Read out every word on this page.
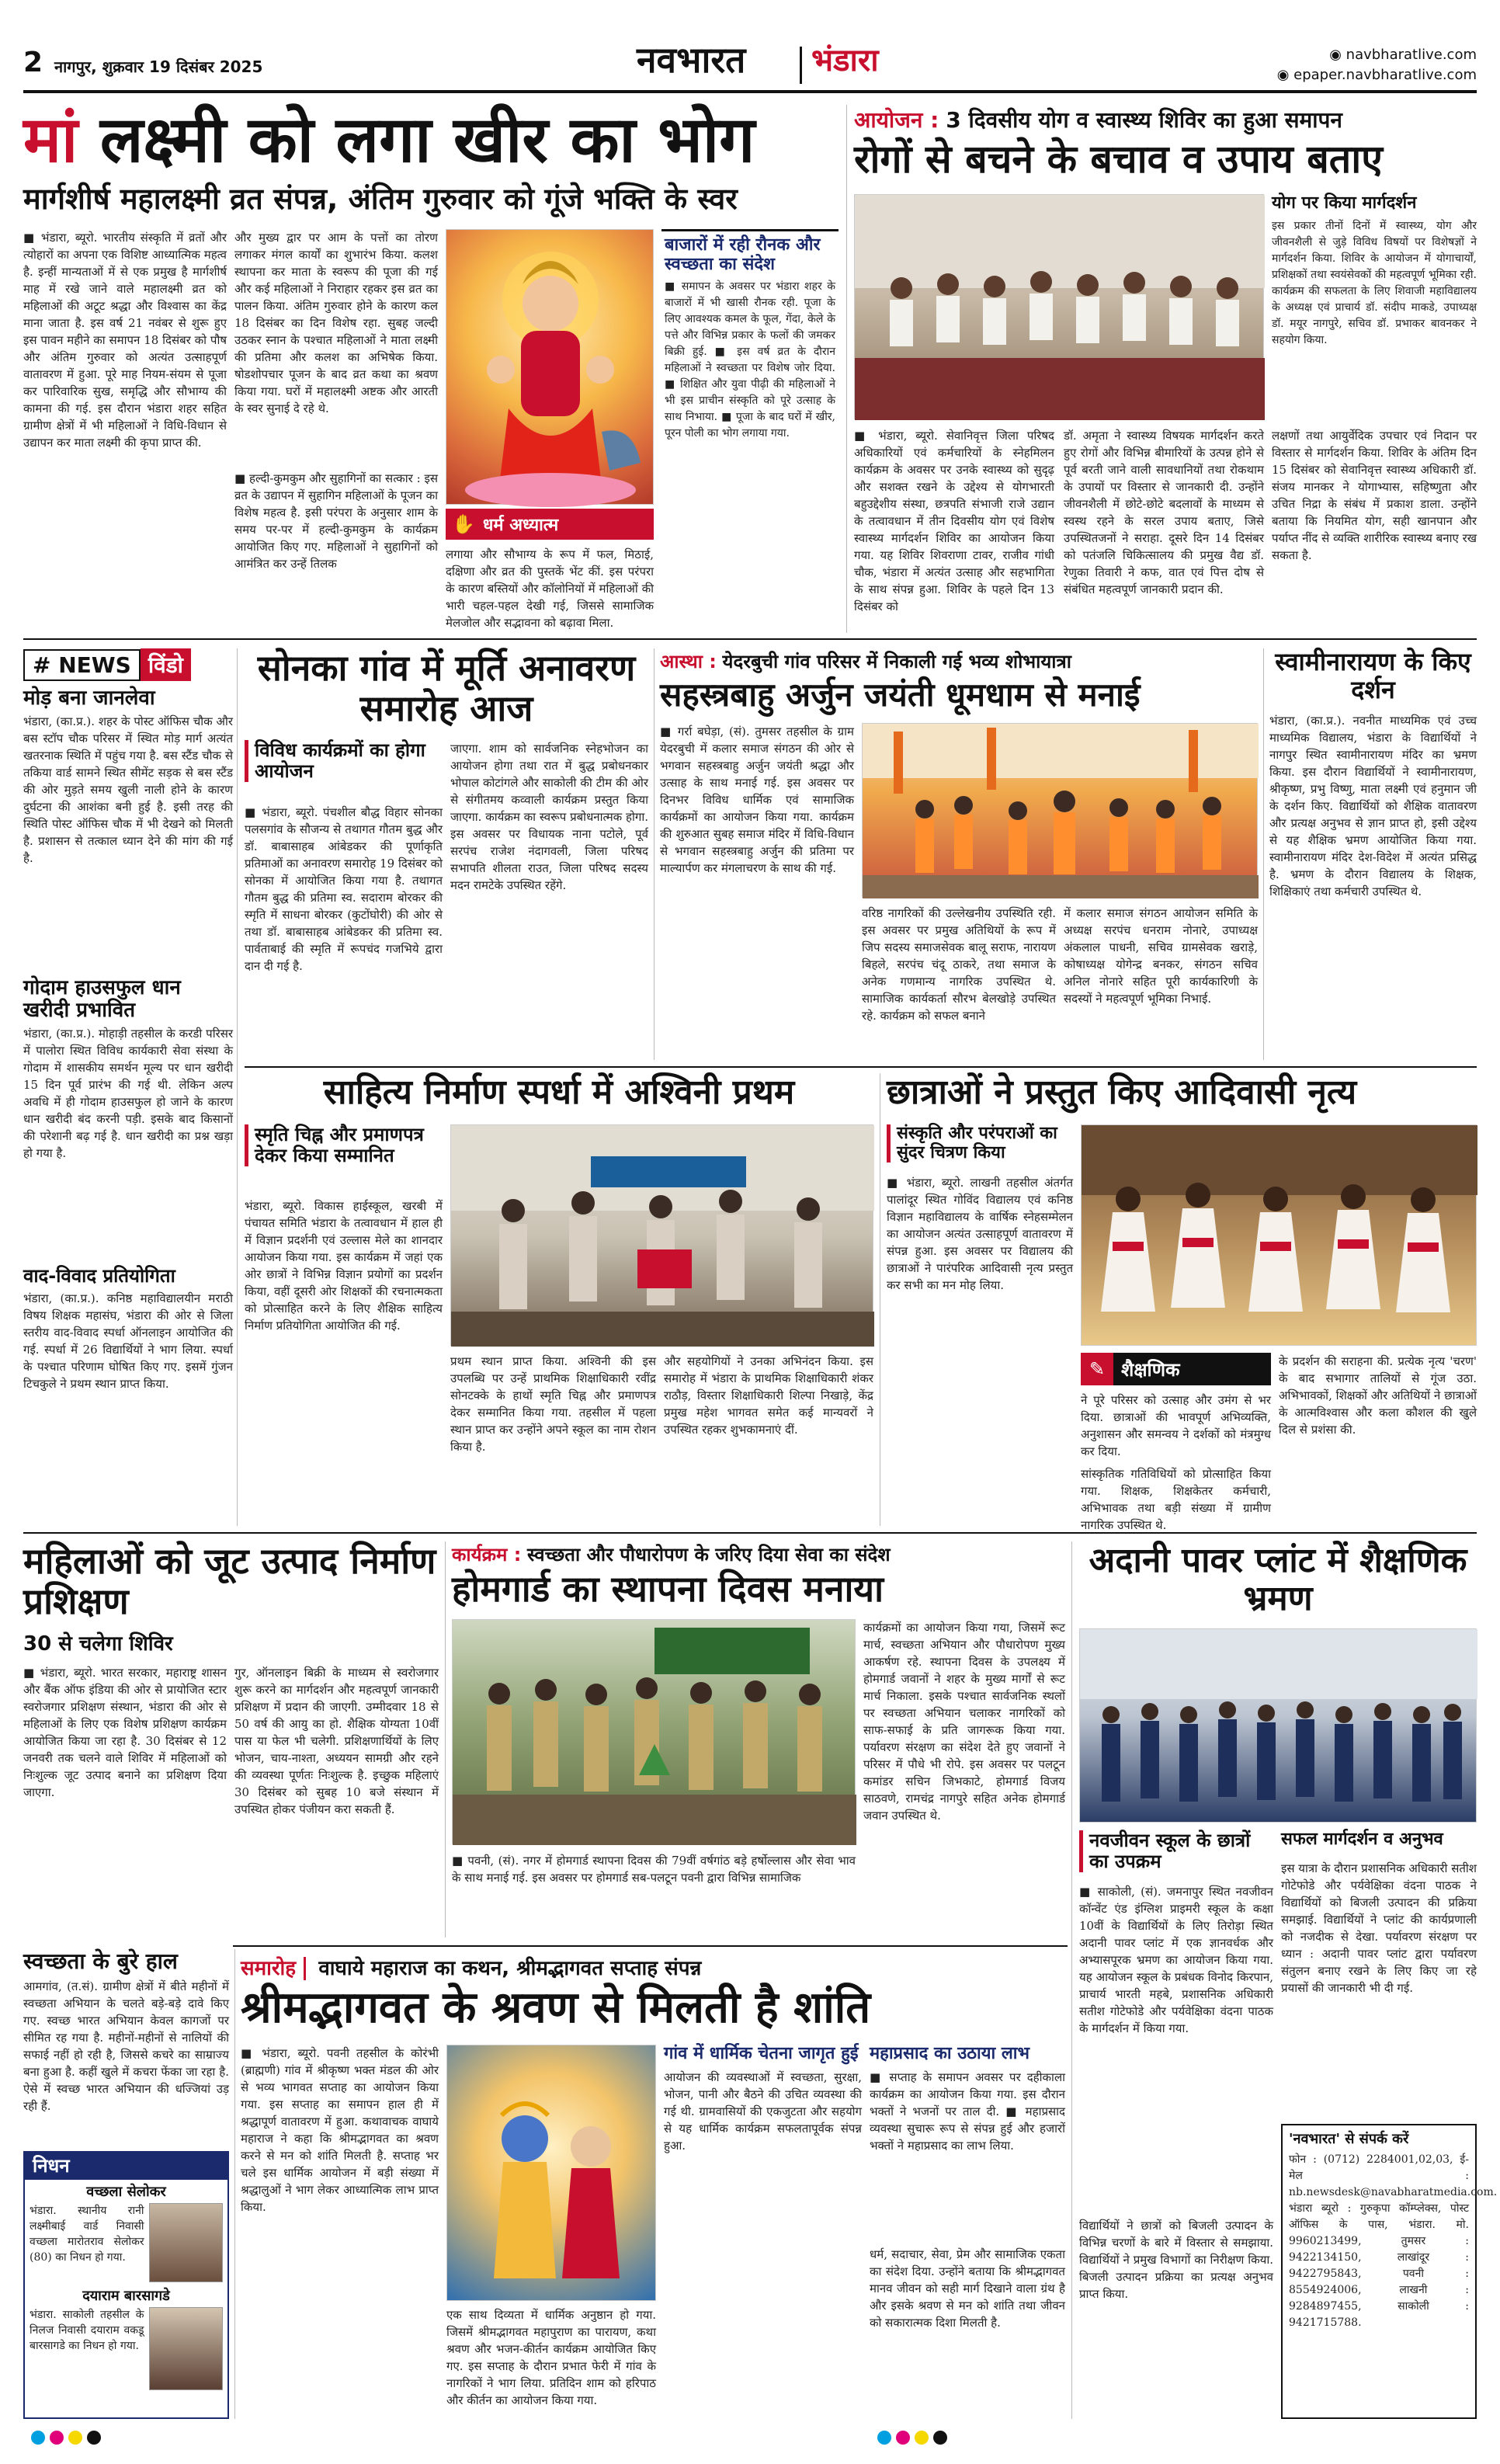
2 नागपुर, शुक्रवार 19 दिसंबर 2025	नवभारत भंडारा	◉ navbharatlive.com
◉ epaper.navbharatlive.com
मां लक्ष्मी को लगा खीर का भोग
मार्गशीर्ष महालक्ष्मी व्रत संपन्न, अंतिम गुरुवार को गूंजे भक्ति के स्वर
■ भंडारा, ब्यूरो. भारतीय संस्कृति में व्रतों और त्योहारों का अपना एक विशिष्ट आध्यात्मिक महत्व है. इन्हीं मान्यताओं में से एक प्रमुख है मार्गशीर्ष माह में रखे जाने वाले महालक्ष्मी व्रत को महिलाओं की अटूट श्रद्धा और विश्वास का केंद्र माना जाता है. इस वर्ष 21 नवंबर से शुरू हुए इस पावन महीने का समापन 18 दिसंबर को पौष और अंतिम गुरुवार को अत्यंत उत्साहपूर्ण वातावरण में हुआ. पूरे माह नियम-संयम से पूजा कर पारिवारिक सुख, समृद्धि और सौभाग्य की कामना की गई. इस दौरान भंडारा शहर सहित ग्रामीण क्षेत्रों में भी महिलाओं ने विधि-विधान से उद्यापन कर माता लक्ष्मी की कृपा प्राप्त की.
और मुख्य द्वार पर आम के पत्तों का तोरण लगाकर मंगल कार्यों का शुभारंभ किया. कलश स्थापना कर माता के स्वरूप की पूजा की गई और कई महिलाओं ने निराहार रहकर इस व्रत का पालन किया. अंतिम गुरुवार होने के कारण कल 18 दिसंबर का दिन विशेष रहा. सुबह जल्दी उठकर स्नान के पश्चात महिलाओं ने माता लक्ष्मी की प्रतिमा और कलश का अभिषेक किया. षोडशोपचार पूजन के बाद व्रत कथा का श्रवण किया गया. घरों में महालक्ष्मी अष्टक और आरती के स्वर सुनाई दे रहे थे.
■ हल्दी-कुमकुम और सुहागिनों का सत्कार : इस व्रत के उद्यापन में सुहागिन महिलाओं के पूजन का विशेष महत्व है. इसी परंपरा के अनुसार शाम के समय पर-पर में हल्दी-कुमकुम के कार्यक्रम आयोजित किए गए. महिलाओं ने सुहागिनों को आमंत्रित कर उन्हें तिलक
✋ धर्म अध्यात्म
लगाया और सौभाग्य के रूप में फल, मिठाई, दक्षिणा और व्रत की पुस्तकें भेंट कीं. इस परंपरा के कारण बस्तियों और कॉलोनियों में महिलाओं की भारी चहल-पहल देखी गई, जिससे सामाजिक मेलजोल और सद्भावना को बढ़ावा मिला.
बाजारों में रही रौनक और स्वच्छता का संदेश
■ समापन के अवसर पर भंडारा शहर के बाजारों में भी खासी रौनक रही. पूजा के लिए आवश्यक कमल के फूल, गेंदा, केले के पत्ते और विभिन्न प्रकार के फलों की जमकर बिक्री हुई. ■ इस वर्ष व्रत के दौरान महिलाओं ने स्वच्छता पर विशेष जोर दिया. ■ शिक्षित और युवा पीढ़ी की महिलाओं ने भी इस प्राचीन संस्कृति को पूरे उत्साह के साथ निभाया. ■ पूजा के बाद घरों में खीर, पूरन पोली का भोग लगाया गया.
आयोजन : 3 दिवसीय योग व स्वास्थ्य शिविर का हुआ समापन
रोगों से बचने के बचाव व उपाय बताए
योग पर किया मार्गदर्शन
इस प्रकार तीनों दिनों में स्वास्थ्य, योग और जीवनशैली से जुड़े विविध विषयों पर विशेषज्ञों ने मार्गदर्शन किया. शिविर के आयोजन में योगाचार्यों, प्रशिक्षकों तथा स्वयंसेवकों की महत्वपूर्ण भूमिका रही. कार्यक्रम की सफलता के लिए शिवाजी महाविद्यालय के अध्यक्ष एवं प्राचार्य डॉ. संदीप माकडे, उपाध्यक्ष डॉ. मयूर नागपुरे, सचिव डॉ. प्रभाकर बावनकर ने सहयोग किया.
■ भंडारा, ब्यूरो. सेवानिवृत्त जिला परिषद अधिकारियों एवं कर्मचारियों के स्नेहमिलन कार्यक्रम के अवसर पर उनके स्वास्थ्य को सुदृढ़ और सशक्त रखने के उद्देश्य से योगभारती बहुउद्देशीय संस्था, छत्रपति संभाजी राजे उद्यान के तत्वावधान में तीन दिवसीय योग एवं विशेष स्वास्थ्य मार्गदर्शन शिविर का आयोजन किया गया. यह शिविर शिवराणा टावर, राजीव गांधी चौक, भंडारा में अत्यंत उत्साह और सहभागिता के साथ संपन्न हुआ. शिविर के पहले दिन 13 दिसंबर को
डॉ. अमृता ने स्वास्थ्य विषयक मार्गदर्शन करते हुए रोगों और विभिन्न बीमारियों के उत्पन्न होने से पूर्व बरती जाने वाली सावधानियों तथा रोकथाम के उपायों पर विस्तार से जानकारी दी. उन्होंने जीवनशैली में छोटे-छोटे बदलावों के माध्यम से स्वस्थ रहने के सरल उपाय बताए, जिसे उपस्थितजनों ने सराहा. दूसरे दिन 14 दिसंबर को पतंजलि चिकित्सालय की प्रमुख वैद्य डॉ. रेणुका तिवारी ने कफ, वात एवं पित्त दोष से संबंधित महत्वपूर्ण जानकारी प्रदान की.
लक्षणों तथा आयुर्वेदिक उपचार एवं निदान पर विस्तार से मार्गदर्शन किया. शिविर के अंतिम दिन 15 दिसंबर को सेवानिवृत्त स्वास्थ्य अधिकारी डॉ. संजय मानकर ने योगाभ्यास, सहिष्णुता और उचित निद्रा के संबंध में प्रकाश डाला. उन्होंने बताया कि नियमित योग, सही खानपान और पर्याप्त नींद से व्यक्ति शारीरिक स्वास्थ्य बनाए रख सकता है.
# NEWS विंडो
मोड़ बना जानलेवा
भंडारा, (का.प्र.). शहर के पोस्ट ऑफिस चौक और बस स्टॉप चौक परिसर में स्थित मोड़ मार्ग अत्यंत खतरनाक स्थिति में पहुंच गया है. बस स्टैंड चौक से तकिया वार्ड सामने स्थित सीमेंट सड़क से बस स्टैंड की ओर मुड़ते समय खुली नाली होने के कारण दुर्घटना की आशंका बनी हुई है. इसी तरह की स्थिति पोस्ट ऑफिस चौक में भी देखने को मिलती है. प्रशासन से तत्काल ध्यान देने की मांग की गई है.
गोदाम हाउसफुल धान खरीदी प्रभावित
भंडारा, (का.प्र.). मोहाड़ी तहसील के करडी परिसर में पालोरा स्थित विविध कार्यकारी सेवा संस्था के गोदाम में शासकीय समर्थन मूल्य पर धान खरीदी 15 दिन पूर्व प्रारंभ की गई थी. लेकिन अल्प अवधि में ही गोदाम हाउसफुल हो जाने के कारण धान खरीदी बंद करनी पड़ी. इसके बाद किसानों की परेशानी बढ़ गई है. धान खरीदी का प्रश्न खड़ा हो गया है.
वाद-विवाद प्रतियोगिता
भंडारा, (का.प्र.). कनिष्ठ महाविद्यालयीन मराठी विषय शिक्षक महासंघ, भंडारा की ओर से जिला स्तरीय वाद-विवाद स्पर्धा ऑनलाइन आयोजित की गई. स्पर्धा में 26 विद्यार्थियों ने भाग लिया. स्पर्धा के पश्चात परिणाम घोषित किए गए. इसमें गुंजन टिचकुले ने प्रथम स्थान प्राप्त किया.
सोनका गांव में मूर्ति अनावरण समारोह आज
विविध कार्यक्रमों का होगा आयोजन
■ भंडारा, ब्यूरो. पंचशील बौद्ध विहार सोनका पलसगांव के सौजन्य से तथागत गौतम बुद्ध और डॉ. बाबासाहब आंबेडकर की पूर्णाकृति प्रतिमाओं का अनावरण समारोह 19 दिसंबर को सोनका में आयोजित किया गया है. तथागत गौतम बुद्ध की प्रतिमा स्व. सदाराम बोरकर की स्मृति में साधना बोरकर (कुटोंघोरी) की ओर से तथा डॉ. बाबासाहब आंबेडकर की प्रतिमा स्व. पार्वताबाई की स्मृति में रूपचंद गजभिये द्वारा दान दी गई है.
जाएगा. शाम को सार्वजनिक स्नेहभोजन का आयोजन होगा तथा रात में बुद्ध प्रबोधनकार भोपाल कोटांगले और साकोली की टीम की ओर से संगीतमय कव्वाली कार्यक्रम प्रस्तुत किया जाएगा. कार्यक्रम का स्वरूप प्रबोधनात्मक होगा. इस अवसर पर विधायक नाना पटोले, पूर्व सरपंच राजेश नंदागवली, जिला परिषद सभापति शीलता राउत, जिला परिषद सदस्य मदन रामटेके उपस्थित रहेंगे.
आस्था : येदरबुची गांव परिसर में निकाली गई भव्य शोभायात्रा
सहस्त्रबाहु अर्जुन जयंती धूमधाम से मनाई
■ गर्रा बघेड़ा, (सं). तुमसर तहसील के ग्राम येदरबुची में कलार समाज संगठन की ओर से भगवान सहस्त्रबाहु अर्जुन जयंती श्रद्धा और उत्साह के साथ मनाई गई. इस अवसर पर दिनभर विविध धार्मिक एवं सामाजिक कार्यक्रमों का आयोजन किया गया. कार्यक्रम की शुरुआत सुबह समाज मंदिर में विधि-विधान से भगवान सहस्त्रबाहु अर्जुन की प्रतिमा पर माल्यार्पण कर मंगलाचरण के साथ की गई.
वरिष्ठ नागरिकों की उल्लेखनीय उपस्थिति रही. इस अवसर पर प्रमुख अतिथियों के रूप में जिप सदस्य समाजसेवक बालू सराफ, नारायण बिहले, सरपंच चंदू ठाकरे, तथा समाज के अनेक गणमान्य नागरिक उपस्थित थे. सामाजिक कार्यकर्ता सौरभ बेलखोड़े उपस्थित रहे. कार्यक्रम को सफल बनाने
में कलार समाज संगठन आयोजन समिति के अध्यक्ष सरपंच धनराम नोनारे, उपाध्यक्ष अंकलाल पाधनी, सचिव ग्रामसेवक खराड़े, कोषाध्यक्ष योगेन्द्र बनकर, संगठन सचिव अनिल नोनारे सहित पूरी कार्यकारिणी के सदस्यों ने महत्वपूर्ण भूमिका निभाई.
स्वामीनारायण के किए दर्शन
भंडारा, (का.प्र.). नवनीत माध्यमिक एवं उच्च माध्यमिक विद्यालय, भंडारा के विद्यार्थियों ने नागपुर स्थित स्वामीनारायण मंदिर का भ्रमण किया. इस दौरान विद्यार्थियों ने स्वामीनारायण, श्रीकृष्ण, प्रभु विष्णु, माता लक्ष्मी एवं हनुमान जी के दर्शन किए. विद्यार्थियों को शैक्षिक वातावरण और प्रत्यक्ष अनुभव से ज्ञान प्राप्त हो, इसी उद्देश्य से यह शैक्षिक भ्रमण आयोजित किया गया. स्वामीनारायण मंदिर देश-विदेश में अत्यंत प्रसिद्ध है. भ्रमण के दौरान विद्यालय के शिक्षक, शिक्षिकाएं तथा कर्मचारी उपस्थित थे.
साहित्य निर्माण स्पर्धा में अश्विनी प्रथम
स्मृति चिह्न और प्रमाणपत्र देकर किया सम्मानित
भंडारा, ब्यूरो. विकास हाईस्कूल, खरबी में पंचायत समिति भंडारा के तत्वावधान में हाल ही में विज्ञान प्रदर्शनी एवं उल्लास मेले का शानदार आयोजन किया गया. इस कार्यक्रम में जहां एक ओर छात्रों ने विभिन्न विज्ञान प्रयोगों का प्रदर्शन किया, वहीं दूसरी ओर शिक्षकों की रचनात्मकता को प्रोत्साहित करने के लिए शैक्षिक साहित्य निर्माण प्रतियोगिता आयोजित की गई.
प्रथम स्थान प्राप्त किया. अश्विनी की इस उपलब्धि पर उन्हें प्राथमिक शिक्षाधिकारी रवींद्र सोनटक्के के हाथों स्मृति चिह्न और प्रमाणपत्र देकर सम्मानित किया गया. तहसील में पहला स्थान प्राप्त कर उन्होंने अपने स्कूल का नाम रोशन किया है.
और सहयोगियों ने उनका अभिनंदन किया. इस समारोह में भंडारा के प्राथमिक शिक्षाधिकारी शंकर राठौड़, विस्तार शिक्षाधिकारी शिल्पा निखाड़े, केंद्र प्रमुख महेश भागवत समेत कई मान्यवरों ने उपस्थित रहकर शुभकामनाएं दीं.
छात्राओं ने प्रस्तुत किए आदिवासी नृत्य
संस्कृति और परंपराओं का सुंदर चित्रण किया
■ भंडारा, ब्यूरो. लाखनी तहसील अंतर्गत पालांदूर स्थित गोविंद विद्यालय एवं कनिष्ठ विज्ञान महाविद्यालय के वार्षिक स्नेहसम्मेलन का आयोजन अत्यंत उत्साहपूर्ण वातावरण में संपन्न हुआ. इस अवसर पर विद्यालय की छात्राओं ने पारंपरिक आदिवासी नृत्य प्रस्तुत कर सभी का मन मोह लिया.
के प्रदर्शन की सराहना की. प्रत्येक नृत्य 'चरण' के बाद सभागार तालियों से गूंज उठा. अभिभावकों, शिक्षकों और अतिथियों ने छात्राओं के आत्मविश्वास और कला कौशल की खुले दिल से प्रशंसा की.
✎ शैक्षणिक
ने पूरे परिसर को उत्साह और उमंग से भर दिया. छात्राओं की भावपूर्ण अभिव्यक्ति, अनुशासन और समन्वय ने दर्शकों को मंत्रमुग्ध कर दिया.
सांस्कृतिक गतिविधियों को प्रोत्साहित किया गया. शिक्षक, शिक्षकेतर कर्मचारी, अभिभावक तथा बड़ी संख्या में ग्रामीण नागरिक उपस्थित थे.
महिलाओं को जूट उत्पाद निर्माण प्रशिक्षण
30 से चलेगा शिविर
■ भंडारा, ब्यूरो. भारत सरकार, महाराष्ट्र शासन और बैंक ऑफ इंडिया की ओर से प्रायोजित स्टार स्वरोजगार प्रशिक्षण संस्थान, भंडारा की ओर से महिलाओं के लिए एक विशेष प्रशिक्षण कार्यक्रम आयोजित किया जा रहा है. 30 दिसंबर से 12 जनवरी तक चलने वाले शिविर में महिलाओं को निःशुल्क जूट उत्पाद बनाने का प्रशिक्षण दिया जाएगा.
गुर, ऑनलाइन बिक्री के माध्यम से स्वरोजगार शुरू करने का मार्गदर्शन और महत्वपूर्ण जानकारी प्रशिक्षण में प्रदान की जाएगी. उम्मीदवार 18 से 50 वर्ष की आयु का हो. शैक्षिक योग्यता 10वीं पास या फेल भी चलेगी. प्रशिक्षणार्थियों के लिए भोजन, चाय-नाश्ता, अध्ययन सामग्री और रहने की व्यवस्था पूर्णतः निःशुल्क है. इच्छुक महिलाएं 30 दिसंबर को सुबह 10 बजे संस्थान में उपस्थित होकर पंजीयन करा सकती हैं.
कार्यक्रम : स्वच्छता और पौधारोपण के जरिए दिया सेवा का संदेश
होमगार्ड का स्थापना दिवस मनाया
■ पवनी, (सं). नगर में होमगार्ड स्थापना दिवस की 79वीं वर्षगांठ बड़े हर्षोल्लास और सेवा भाव के साथ मनाई गई. इस अवसर पर होमगार्ड सब-पलटून पवनी द्वारा विभिन्न सामाजिक
कार्यक्रमों का आयोजन किया गया, जिसमें रूट मार्च, स्वच्छता अभियान और पौधारोपण मुख्य आकर्षण रहे. स्थापना दिवस के उपलक्ष्य में होमगार्ड जवानों ने शहर के मुख्य मार्गों से रूट मार्च निकाला. इसके पश्चात सार्वजनिक स्थलों पर स्वच्छता अभियान चलाकर नागरिकों को साफ-सफाई के प्रति जागरूक किया गया. पर्यावरण संरक्षण का संदेश देते हुए जवानों ने परिसर में पौधे भी रोपे. इस अवसर पर पलटून कमांडर सचिन जिभकाटे, होमगार्ड विजय साठवणे, रामचंद्र नागपुरे सहित अनेक होमगार्ड जवान उपस्थित थे.
अदानी पावर प्लांट में शैक्षणिक भ्रमण
नवजीवन स्कूल के छात्रों का उपक्रम
सफल मार्गदर्शन व अनुभव
■ साकोली, (सं). जमनापुर स्थित नवजीवन कॉन्वेंट एंड इंग्लिश प्राइमरी स्कूल के कक्षा 10वीं के विद्यार्थियों के लिए तिरोड़ा स्थित अदानी पावर प्लांट में एक ज्ञानवर्धक और अभ्यासपूरक भ्रमण का आयोजन किया गया. यह आयोजन स्कूल के प्रबंधक विनोद किरपान, प्राचार्य भारती महबे, प्रशासनिक अधिकारी सतीश गोटेफोडे और पर्यवेक्षिका वंदना पाठक के मार्गदर्शन में किया गया.
इस यात्रा के दौरान प्रशासनिक अधिकारी सतीश गोटेफोडे और पर्यवेक्षिका वंदना पाठक ने विद्यार्थियों को बिजली उत्पादन की प्रक्रिया समझाई. विद्यार्थियों ने प्लांट की कार्यप्रणाली को नजदीक से देखा. पर्यावरण संरक्षण पर ध्यान : अदानी पावर प्लांट द्वारा पर्यावरण संतुलन बनाए रखने के लिए किए जा रहे प्रयासों की जानकारी भी दी गई.
विद्यार्थियों ने छात्रों को बिजली उत्पादन के विभिन्न चरणों के बारे में विस्तार से समझाया. विद्यार्थियों ने प्रमुख विभागों का निरीक्षण किया. बिजली उत्पादन प्रक्रिया का प्रत्यक्ष अनुभव प्राप्त किया.
'नवभारत' से संपर्क करें
फोन : (0712) 2284001,02,03, ई-मेल : nb.newsdesk@navabharatmedia.com. भंडारा ब्यूरो : गुरुकृपा कॉम्प्लेक्स, पोस्ट ऑफिस के पास, भंडारा. मो. 9960213499, तुमसर : 9422134150, लाखांदूर : 9422795843, पवनी : 8554924006, लाखनी : 9284897455, साकोली : 9421715788.
स्वच्छता के बुरे हाल
आमगांव, (त.सं). ग्रामीण क्षेत्रों में बीते महीनों में स्वच्छता अभियान के चलते बड़े-बड़े दावे किए गए. स्वच्छ भारत अभियान केवल कागजों पर सीमित रह गया है. महीनों-महीनों से नालियों की सफाई नहीं हो रही है, जिससे कचरे का साम्राज्य बना हुआ है. कहीं खुले में कचरा फेंका जा रहा है. ऐसे में स्वच्छ भारत अभियान की धज्जियां उड़ रही हैं.
निधन
वच्छला सेलोकर
भंडारा. स्थानीय रानी लक्ष्मीबाई वार्ड निवासी वच्छला मारोतराव सेलोकर (80) का निधन हो गया.
दयाराम बारसागडे
भंडारा. साकोली तहसील के निलज निवासी दयाराम वकडू बारसागडे का निधन हो गया.
समारोह वाघाये महाराज का कथन, श्रीमद्भागवत सप्ताह संपन्न
श्रीमद्भागवत के श्रवण से मिलती है शांति
■ भंडारा, ब्यूरो. पवनी तहसील के कोरंभी (ब्राह्मणी) गांव में श्रीकृष्ण भक्त मंडल की ओर से भव्य भागवत सप्ताह का आयोजन किया गया. इस सप्ताह का समापन हाल ही में श्रद्धापूर्ण वातावरण में हुआ. कथावाचक वाघाये महाराज ने कहा कि श्रीमद्भागवत का श्रवण करने से मन को शांति मिलती है. सप्ताह भर चले इस धार्मिक आयोजन में बड़ी संख्या में श्रद्धालुओं ने भाग लेकर आध्यात्मिक लाभ प्राप्त किया.
एक साथ दिव्यता में धार्मिक अनुष्ठान हो गया. जिसमें श्रीमद्भागवत महापुराण का पारायण, कथा श्रवण और भजन-कीर्तन कार्यक्रम आयोजित किए गए. इस सप्ताह के दौरान प्रभात फेरी में गांव के नागरिकों ने भाग लिया. प्रतिदिन शाम को हरिपाठ और कीर्तन का आयोजन किया गया.
गांव में धार्मिक चेतना जागृत हुई
आयोजन की व्यवस्थाओं में स्वच्छता, सुरक्षा, भोजन, पानी और बैठने की उचित व्यवस्था की गई थी. ग्रामवासियों की एकजुटता और सहयोग से यह धार्मिक कार्यक्रम सफलतापूर्वक संपन्न हुआ.
महाप्रसाद का उठाया लाभ
■ सप्ताह के समापन अवसर पर दहीकाला कार्यक्रम का आयोजन किया गया. इस दौरान भक्तों ने भजनों पर ताल दी. ■ महाप्रसाद व्यवस्था सुचारू रूप से संपन्न हुई और हजारों भक्तों ने महाप्रसाद का लाभ लिया.
धर्म, सदाचार, सेवा, प्रेम और सामाजिक एकता का संदेश दिया. उन्होंने बताया कि श्रीमद्भागवत मानव जीवन को सही मार्ग दिखाने वाला ग्रंथ है और इसके श्रवण से मन को शांति तथा जीवन को सकारात्मक दिशा मिलती है.
